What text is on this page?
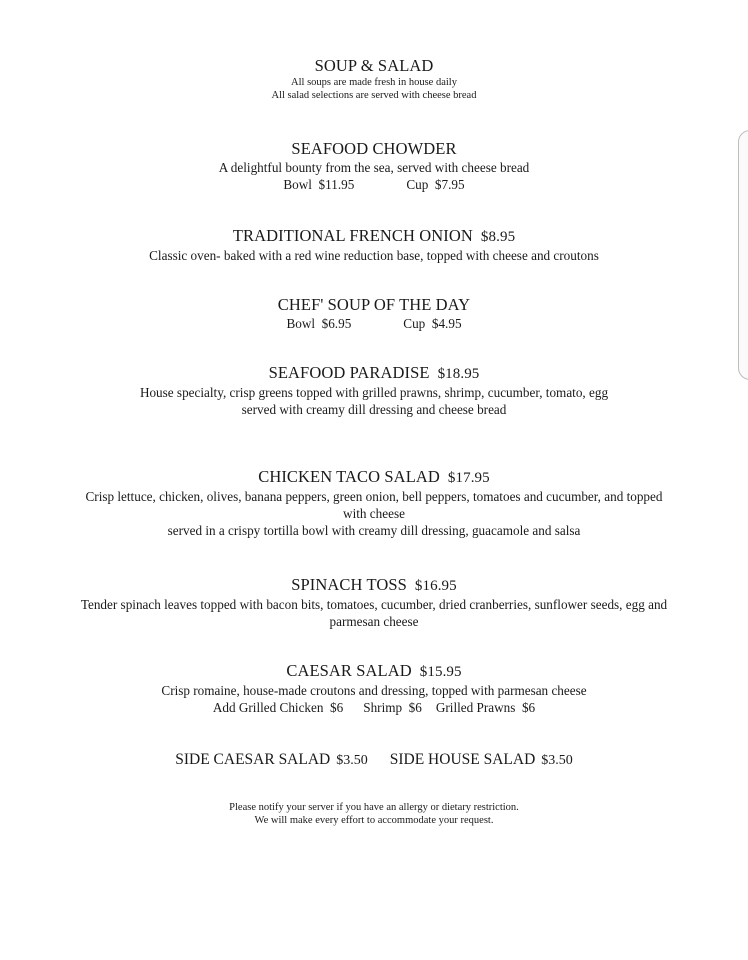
SOUP & SALAD
All soups are made fresh in house daily
All salad selections are served with cheese bread
SEAFOOD CHOWDER
A delightful bounty from the sea, served with cheese bread
Bowl  $11.95	Cup  $7.95
TRADITIONAL FRENCH ONION $8.95
Classic oven- baked with a red wine reduction base, topped with cheese and croutons
CHEF' SOUP OF THE DAY
Bowl  $6.95	Cup  $4.95
SEAFOOD PARADISE $18.95
House specialty, crisp greens topped with grilled prawns, shrimp, cucumber, tomato, egg
served with creamy dill dressing and cheese bread
CHICKEN TACO SALAD $17.95
Crisp lettuce, chicken, olives, banana peppers, green onion, bell peppers, tomatoes and cucumber, and topped
with cheese
served in a crispy tortilla bowl with creamy dill dressing, guacamole and salsa
SPINACH TOSS $16.95
Tender spinach leaves topped with bacon bits, tomatoes, cucumber, dried cranberries, sunflower seeds, egg and
parmesan cheese
CAESAR SALAD $15.95
Crisp romaine, house-made croutons and dressing, topped with parmesan cheese
Add Grilled Chicken  $6 Shrimp  $6 Grilled Prawns  $6
SIDE CAESAR SALAD $3.50 SIDE HOUSE SALAD $3.50
Please notify your server if you have an allergy or dietary restriction.
We will make every effort to accommodate your request.
